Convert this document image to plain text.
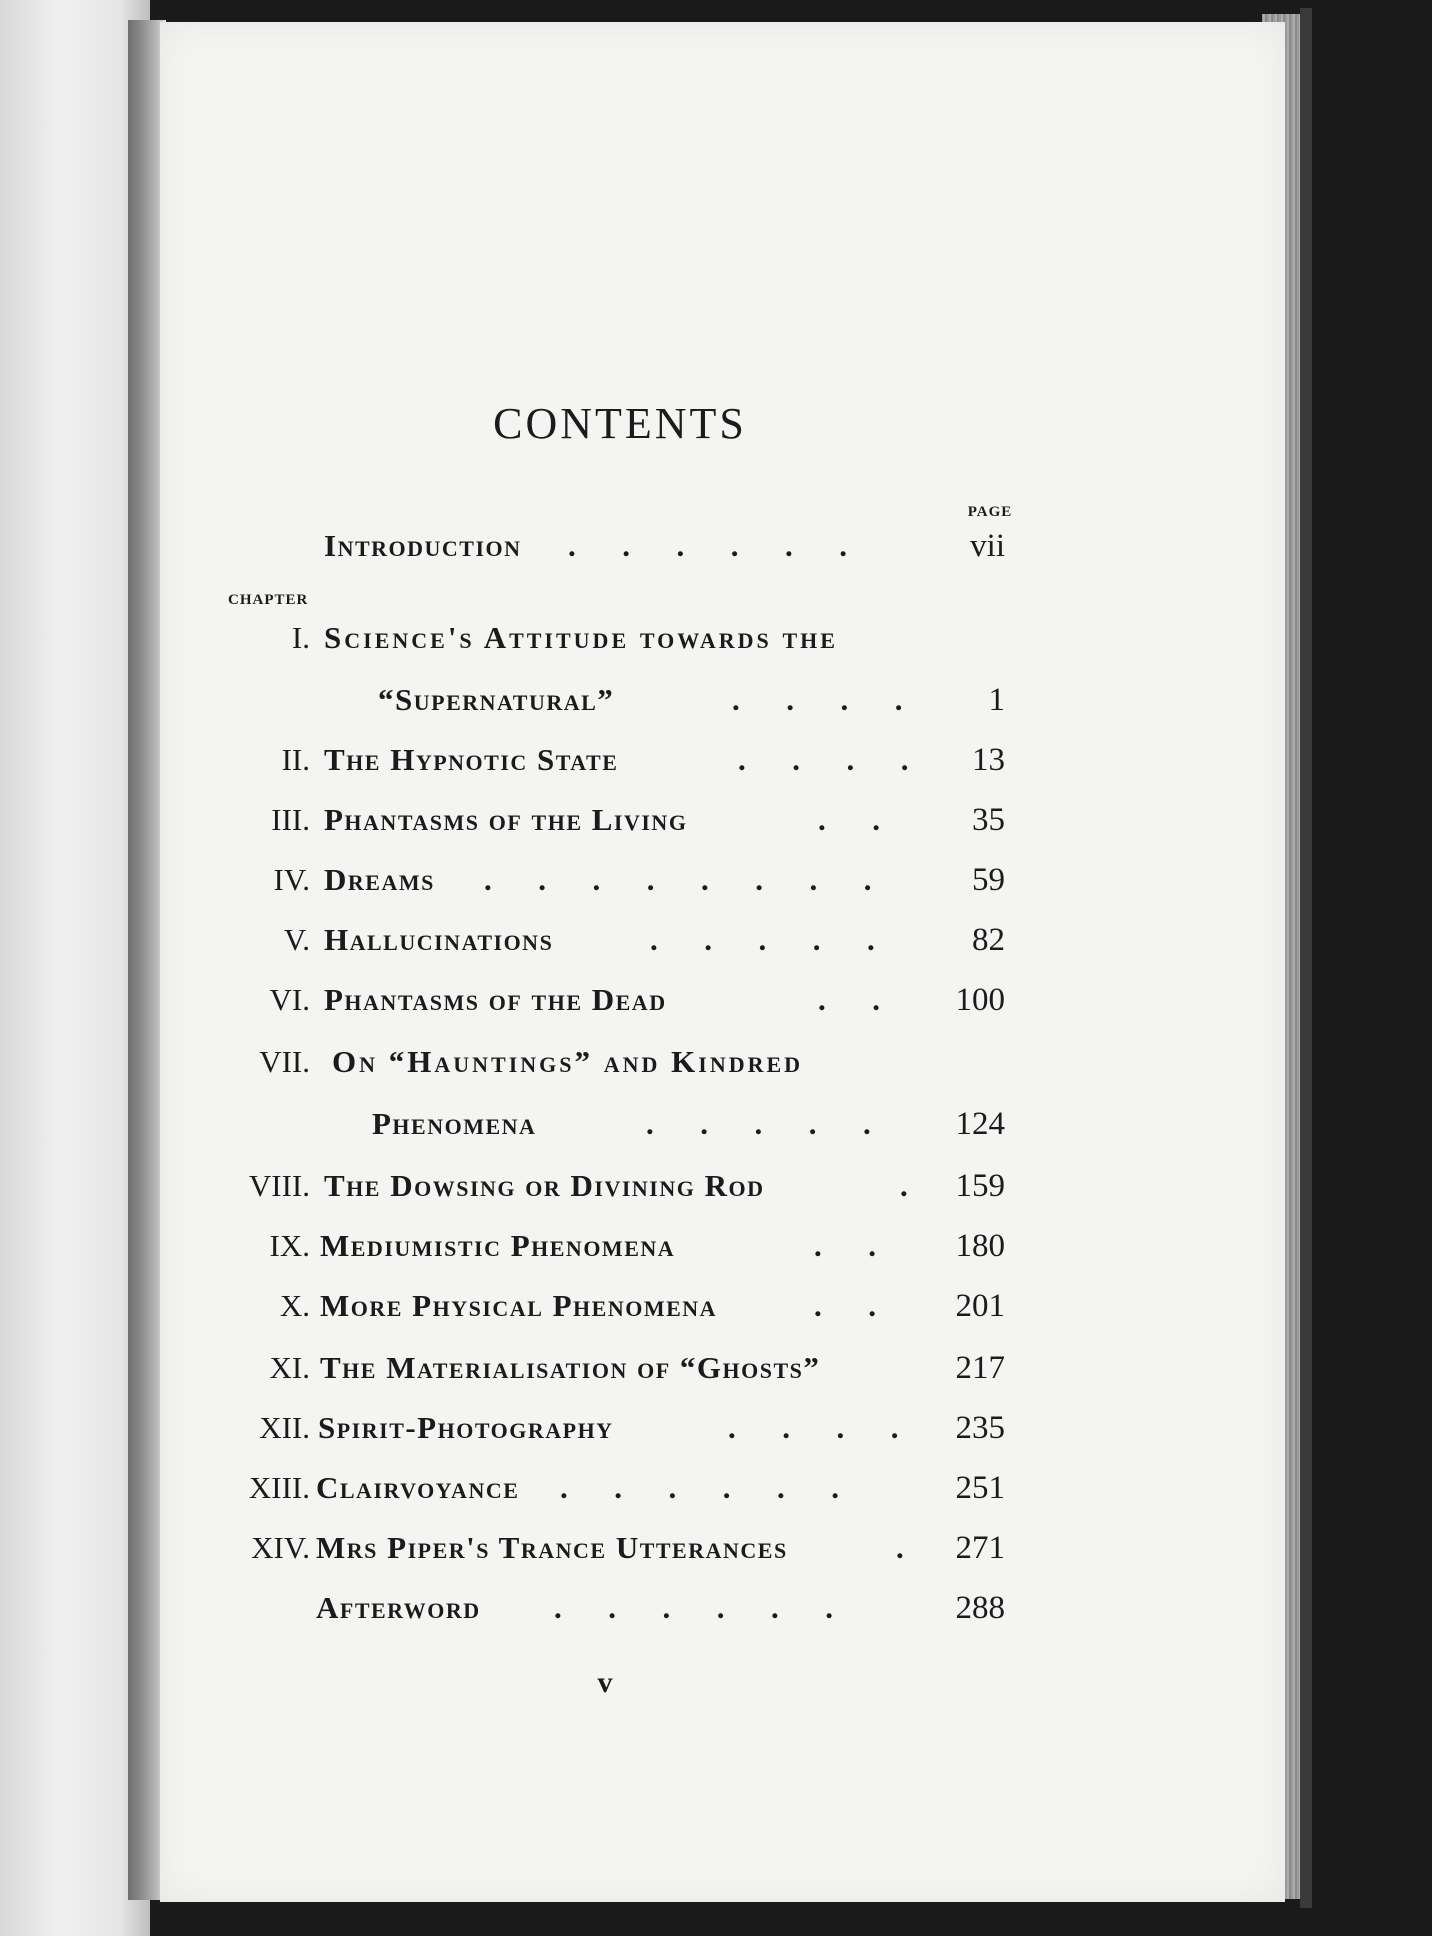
CONTENTS
PAGE
Introduction .      .      .      .      .      .	vii
CHAPTER
I. Science's Attitude towards the
“Supernatural”	.      .      .      .	1
II. The Hypnotic State	.      .      .      .	13
III. Phantasms of the Living	.      .	35
IV. Dreams .      .      .      .      .      .      .      .	59
V. Hallucinations	.      .      .      .      .	82
VI. Phantasms of the Dead	.      .	100
VII. On “Hauntings” and Kindred
Phenomena	.      .      .      .      .	124
VIII. The Dowsing or Divining Rod	.	159
IX. Mediumistic Phenomena	.      .	180
X. More Physical Phenomena	.      .	201
XI. The Materialisation of “Ghosts”	217
XII. Spirit-Photography	.      .      .      .	235
XIII. Clairvoyance .      .      .      .      .      .	251
XIV. Mrs Piper's Trance Utterances	.	271
Afterword .      .      .      .      .      .	288
v
